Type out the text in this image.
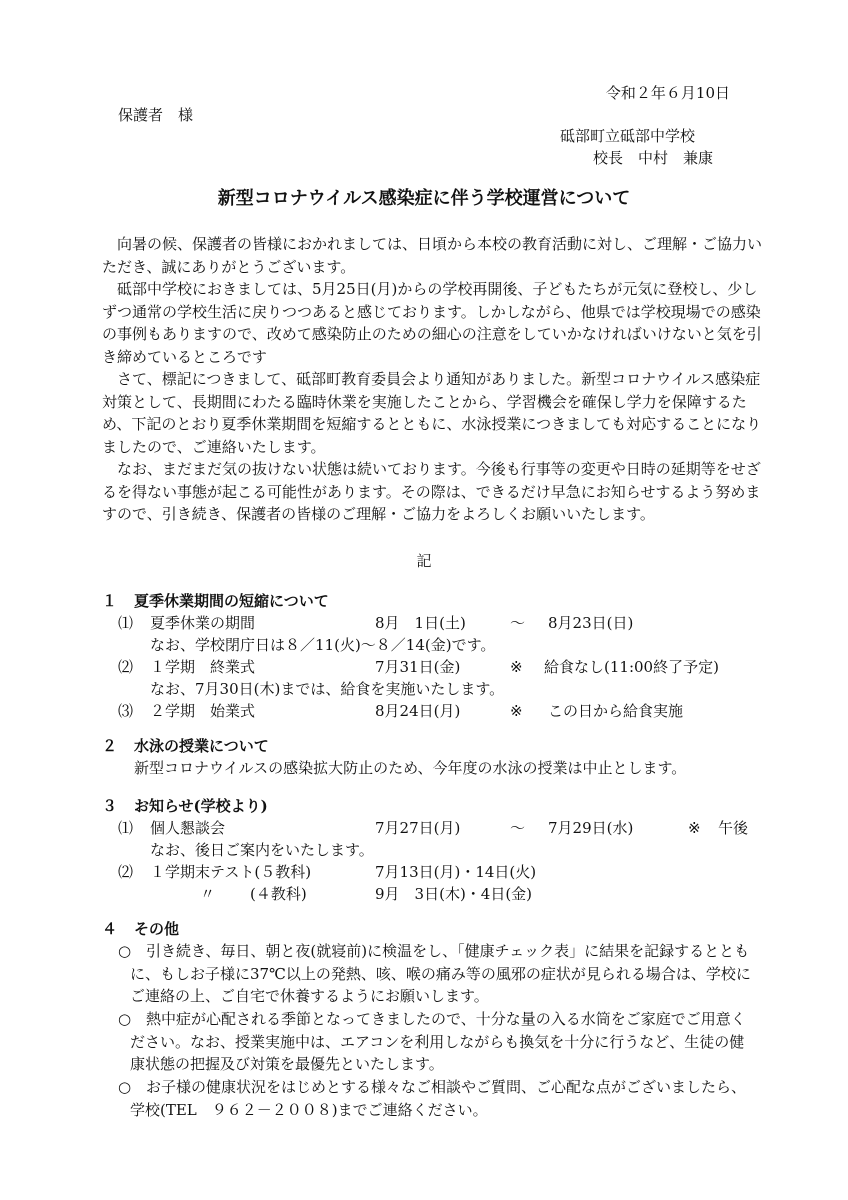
令和２年６月10日
保護者　様
砥部町立砥部中学校
校長　中村　兼康
新型コロナウイルス感染症に伴う学校運営について

向暑の候、保護者の皆様におかれましては、日頃から本校の教育活動に対し、ご理解・ご協力いただき、誠にありがとうございます。

砥部中学校におきましては、5月25日(月)からの学校再開後、子どもたちが元気に登校し、少しずつ通常の学校生活に戻りつつあると感じております。しかしながら、他県では学校現場での感染の事例もありますので、改めて感染防止のための細心の注意をしていかなければいけないと気を引き締めているところです

さて、標記につきまして、砥部町教育委員会より通知がありました。新型コロナウイルス感染症対策として、長期間にわたる臨時休業を実施したことから、学習機会を確保し学力を保障するため、下記のとおり夏季休業期間を短縮するとともに、水泳授業につきましても対応することになりましたので、ご連絡いたします。

なお、まだまだ気の抜けない状態は続いております。今後も行事等の変更や日時の延期等をせざるを得ない事態が起こる可能性があります。その際は、できるだけ早急にお知らせするよう努めますので、引き続き、保護者の皆様のご理解・ご協力をよろしくお願いいたします。

記
１ 夏季休業期間の短縮について
⑴ 夏季休業の期間	8月　1日(土)	～ 8月23日(日)
なお、学校閉庁日は８／11(火)～８／14(金)です。
⑵ １学期　終業式	7月31日(金)	※ 給食なし(11:00終了予定)
なお、7月30日(木)までは、給食を実施いたします。
⑶ ２学期　始業式	8月24日(月)	※ この日から給食実施
２ 水泳の授業について
新型コロナウイルスの感染拡大防止のため、今年度の水泳の授業は中止とします。
３ お知らせ(学校より)
⑴ 個人懇談会	7月27日(月)	～ 7月29日(水)	※ 午後
なお、後日ご案内をいたします。
⑵ １学期末テスト(５教科)	7月13日(月)・14日(火)
〃 (４教科)	9月　3日(木)・4日(金)
４ その他
○ 引き続き、毎日、朝と夜(就寝前)に検温をし、「健康チェック表」に結果を記録するとともに、もしお子様に37℃以上の発熱、咳、喉の痛み等の風邪の症状が見られる場合は、学校にご連絡の上、ご自宅で休養するようにお願いします。
○ 熱中症が心配される季節となってきましたので、十分な量の入る水筒をご家庭でご用意ください。なお、授業実施中は、エアコンを利用しながらも換気を十分に行うなど、生徒の健康状態の把握及び対策を最優先といたします。
○ お子様の健康状況をはじめとする様々なご相談やご質問、ご心配な点がございましたら、学校(TEL　９６２－２００８)までご連絡ください。
